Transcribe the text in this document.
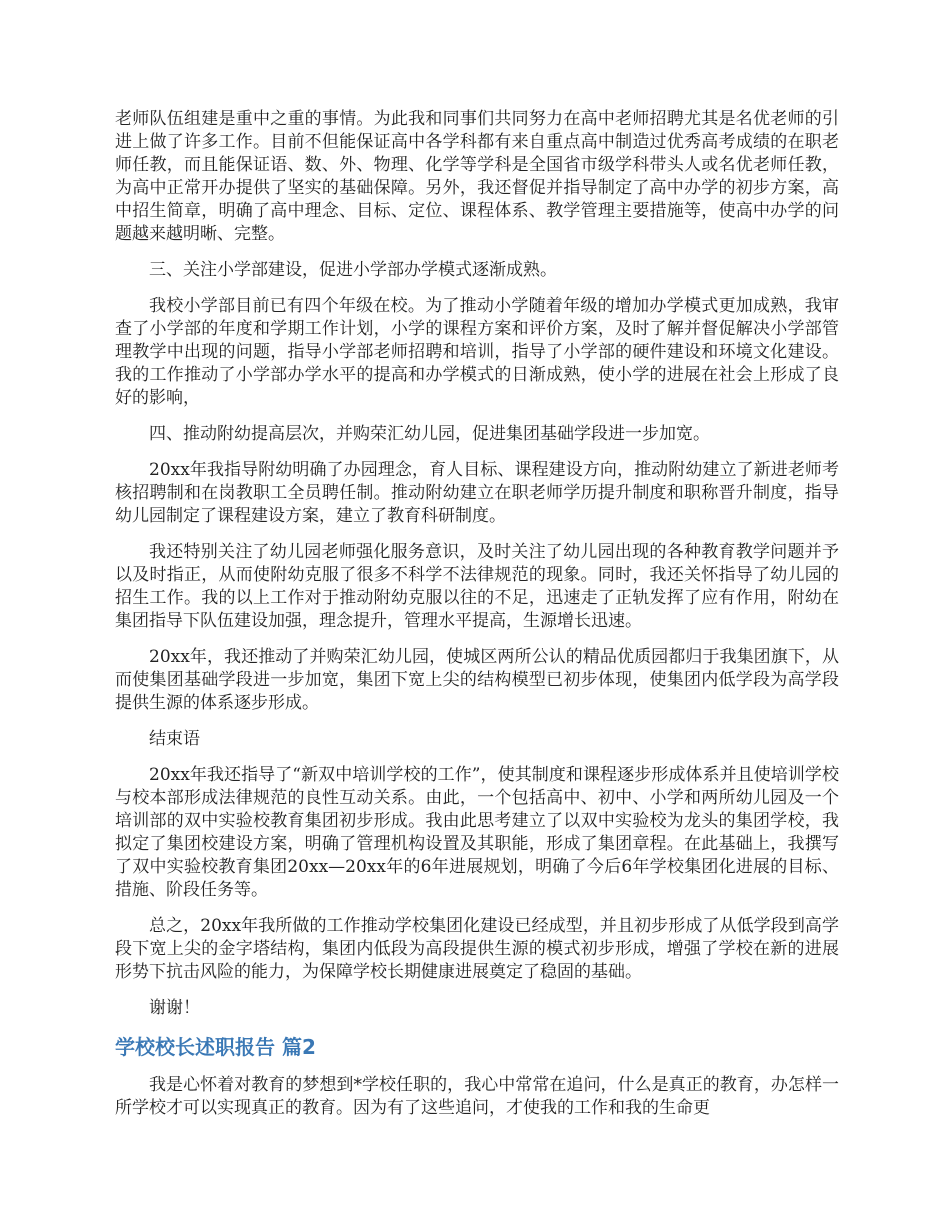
老师队伍组建是重中之重的事情。为此我和同事们共同努力在高中老师招聘尤其是名优老师的引进上做了许多工作。目前不但能保证高中各学科都有来自重点高中制造过优秀高考成绩的在职老师任教，而且能保证语、数、外、物理、化学等学科是全国省市级学科带头人或名优老师任教，为高中正常开办提供了坚实的基础保障。另外，我还督促并指导制定了高中办学的初步方案，高中招生简章，明确了高中理念、目标、定位、课程体系、教学管理主要措施等，使高中办学的问题越来越明晰、完整。

三、关注小学部建设，促进小学部办学模式逐渐成熟。

我校小学部目前已有四个年级在校。为了推动小学随着年级的增加办学模式更加成熟，我审查了小学部的年度和学期工作计划，小学的课程方案和评价方案，及时了解并督促解决小学部管理教学中出现的问题，指导小学部老师招聘和培训，指导了小学部的硬件建设和环境文化建设。我的工作推动了小学部办学水平的提高和办学模式的日渐成熟，使小学的进展在社会上形成了良好的影响，

四、推动附幼提高层次，并购荣汇幼儿园，促进集团基础学段进一步加宽。

20xx年我指导附幼明确了办园理念，育人目标、课程建设方向，推动附幼建立了新进老师考核招聘制和在岗教职工全员聘任制。推动附幼建立在职老师学历提升制度和职称晋升制度，指导幼儿园制定了课程建设方案，建立了教育科研制度。

我还特别关注了幼儿园老师强化服务意识，及时关注了幼儿园出现的各种教育教学问题并予以及时指正，从而使附幼克服了很多不科学不法律规范的现象。同时，我还关怀指导了幼儿园的招生工作。我的以上工作对于推动附幼克服以往的不足，迅速走了正轨发挥了应有作用，附幼在集团指导下队伍建设加强，理念提升，管理水平提高，生源增长迅速。

20xx年，我还推动了并购荣汇幼儿园，使城区两所公认的精品优质园都归于我集团旗下，从而使集团基础学段进一步加宽，集团下宽上尖的结构模型已初步体现，使集团内低学段为高学段提供生源的体系逐步形成。

结束语

20xx年我还指导了“新双中培训学校的工作”，使其制度和课程逐步形成体系并且使培训学校与校本部形成法律规范的良性互动关系。由此，一个包括高中、初中、小学和两所幼儿园及一个培训部的双中实验校教育集团初步形成。我由此思考建立了以双中实验校为龙头的集团学校，我拟定了集团校建设方案，明确了管理机构设置及其职能，形成了集团章程。在此基础上，我撰写了双中实验校教育集团20xx—20xx年的6年进展规划，明确了今后6年学校集团化进展的目标、措施、阶段任务等。

总之，20xx年我所做的工作推动学校集团化建设已经成型，并且初步形成了从低学段到高学段下宽上尖的金字塔结构，集团内低段为高段提供生源的模式初步形成，增强了学校在新的进展形势下抗击风险的能力，为保障学校长期健康进展奠定了稳固的基础。

谢谢！

学校校长述职报告 篇2

我是心怀着对教育的梦想到*学校任职的，我心中常常在追问，什么是真正的教育，办怎样一所学校才可以实现真正的教育。因为有了这些追问，才使我的工作和我的生命更
